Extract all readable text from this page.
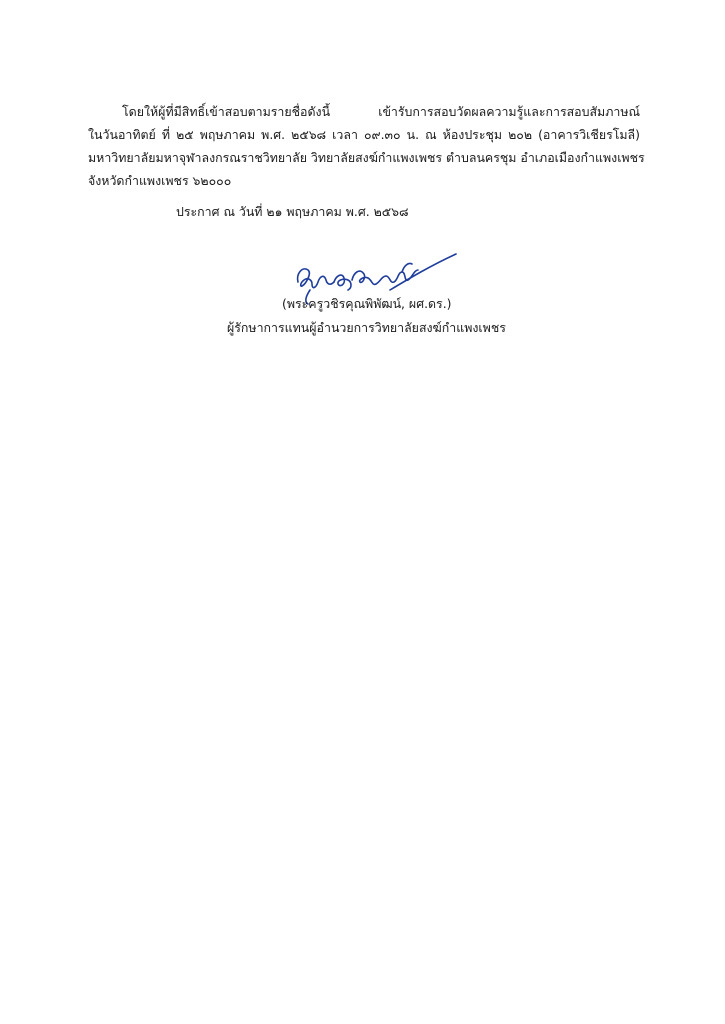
โดยให้ผู้ที่มีสิทธิ์เข้าสอบตามรายชื่อดังนี้ เข้ารับการสอบวัดผลความรู้และการสอบสัมภาษณ์
ในวันอาทิตย์ ที่ ๒๕ พฤษภาคม พ.ศ. ๒๕๖๘ เวลา ๐๙.๓๐ น. ณ ห้องประชุม ๒๐๒ (อาคารวิเชียรโมลี)
มหาวิทยาลัยมหาจุฬาลงกรณราชวิทยาลัย วิทยาลัยสงฆ์กำแพงเพชร ตำบลนครชุม อำเภอเมืองกำแพงเพชร
จังหวัดกำแพงเพชร ๖๒๐๐๐
ประกาศ ณ วันที่ ๒๑ พฤษภาคม พ.ศ. ๒๕๖๘
(พระครูวชิรคุณพิพัฒน์, ผศ.ดร.)
ผู้รักษาการแทนผู้อำนวยการวิทยาลัยสงฆ์กำแพงเพชร
